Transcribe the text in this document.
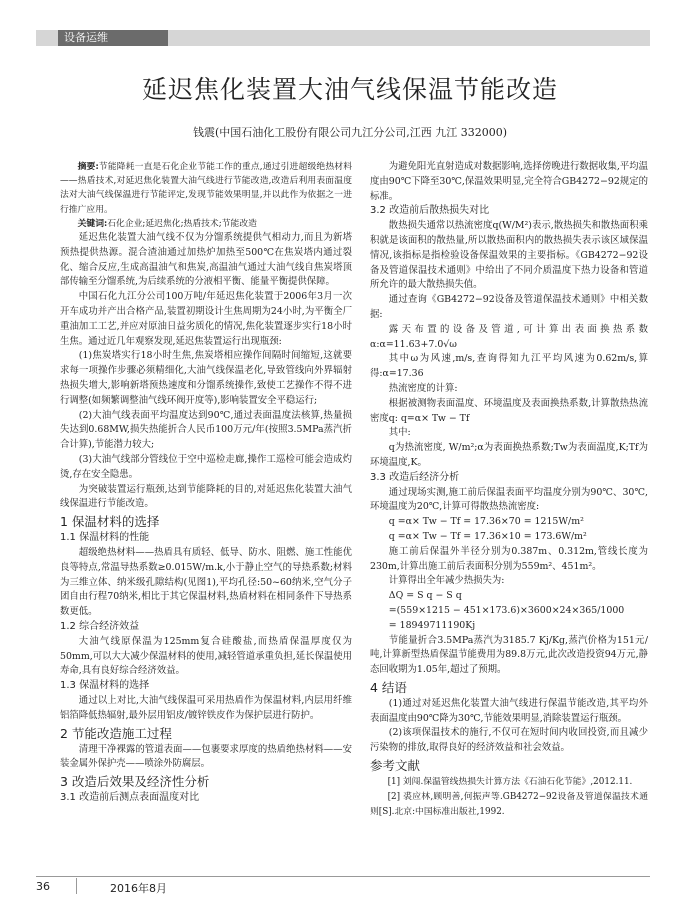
设备运维
延迟焦化装置大油气线保温节能改造
钱震(中国石油化工股份有限公司九江分公司,江西 九江 332000)

摘要:节能降耗一直是石化企业节能工作的重点,通过引进超级绝热材料——热盾技术,对延迟焦化装置大油气线进行节能改造,改造后利用表面温度法对大油气线保温进行节能评定,发现节能效果明显,并以此作为依据之一进行推广应用。

关键词:石化企业;延迟焦化;热盾技术;节能改造

延迟焦化装置大油气线不仅为分馏系统提供气相动力,而且为新塔预热提供热源。混合渣油通过加热炉加热至500℃在焦炭塔内通过裂化、缩合反应,生成高温油气和焦炭,高温油气通过大油气线自焦炭塔顶部传输至分馏系统,为后续系统的分液相平衡、能量平衡提供保障。

中国石化九江分公司100万吨/年延迟焦化装置于2006年3月一次开车成功并产出合格产品,装置初期设计生焦周期为24小时,为平衡全厂重油加工工艺,并应对原油日益劣质化的情况,焦化装置逐步实行18小时生焦。通过近几年观察发现,延迟焦装置运行出现瓶颈:

(1)焦炭塔实行18小时生焦,焦炭塔相应操作间隔时间缩短,这就要求每一项操作步骤必须精细化,大油气线保温老化,导致管线向外界辐射热损失增大,影响新塔预热速度和分馏系统操作,致使工艺操作不得不进行调整(如频繁调整油气线环阀开度等),影响装置安全平稳运行;

(2)大油气线表面平均温度达到90℃,通过表面温度法核算,热量损失达到0.68MW,损失热能折合人民币100万元/年(按照3.5MPa蒸汽折合计算),节能潜力较大;

(3)大油气线部分管线位于空中巡检走廊,操作工巡检可能会造成灼烫,存在安全隐患。

为突破装置运行瓶颈,达到节能降耗的目的,对延迟焦化装置大油气线保温进行节能改造。

1 保温材料的选择
1.1 保温材料的性能

超级绝热材料——热盾具有质轻、低导、防水、阻燃、施工性能优良等特点,常温导热系数≥0.015W/m.k,小于静止空气的导热系数;材料为三维立体、纳米级孔隙结构(见图1),平均孔径:50~60纳米,空气分子团自由行程70纳米,相比于其它保温材料,热盾材料在相同条件下导热系数更低。

1.2 综合经济效益

大油气线原保温为125mm复合硅酸盐,而热盾保温厚度仅为50mm,可以大大减少保温材料的使用,减轻管道承重负担,延长保温使用寿命,具有良好综合经济效益。

1.3 保温材料的选择

通过以上对比,大油气线保温可采用热盾作为保温材料,内层用纤维铝箔降低热辐射,最外层用铝皮/镀锌铁皮作为保护层进行防护。

2 节能改造施工过程

清理干净裸露的管道表面——包裹要求厚度的热盾绝热材料——安装金属外保护壳——喷涂外防腐层。

3 改造后效果及经济性分析
3.1 改造前后测点表面温度对比

为避免阳光直射造成对数据影响,选择傍晚进行数据收集,平均温度由90℃下降至30℃,保温效果明显,完全符合GB4272−92规定的标准。

3.2 改造前后散热损失对比

散热损失通常以热流密度q(W/M²)表示,散热损失和散热面积乘积就是该面积的散热量,所以散热面积内的散热损失表示该区域保温情况,该指标是指检验设备保温效果的主要指标。《GB4272−92设备及管道保温技术通则》中给出了不同介质温度下热力设备和管道所允许的最大散热损失值。

通过查询《GB4272−92设备及管道保温技术通则》中相关数据:

露天布置的设备及管道,可计算出表面换热系数α:α=11.63+7.0√ω

其中ω为风速,m/s,查询得知九江平均风速为0.62m/s,算得:α=17.36

热流密度的计算:

根据被测物表面温度、环境温度及表面换热系数,计算散热热流密度q: q=α× Tw − Tf

其中:

q为热流密度, W/m²;α为表面换热系数;Tw为表面温度,K;Tf为环境温度,K。

3.3 改造后经济分析

通过现场实测,施工前后保温表面平均温度分别为90℃、30℃,环境温度为20℃,计算可得散热热流密度:

q =α× Tw − Tf = 17.36×70 = 1215W/m²

q =α× Tw − Tf = 17.36×10 = 173.6W/m²

施工前后保温外半径分别为0.387m、0.312m,管线长度为230m,计算出施工前后表面积分别为559m²、451m²。

计算得出全年减少热损失为:

ΔQ = S q − S q

=(559×1215 − 451×173.6)×3600×24×365/1000

= 18949711190Kj

节能量折合3.5MPa蒸汽为3185.7 Kj/Kg,蒸汽价格为151元/吨,计算新型热盾保温节能费用为89.8万元,此次改造投资94万元,静态回收期为1.05年,超过了预期。

4 结语

(1)通过对延迟焦化装置大油气线进行保温节能改造,其平均外表面温度由90℃降为30℃,节能效果明显,消除装置运行瓶颈。

(2)该项保温技术的施行,不仅可在短时间内收回投资,而且减少污染物的排放,取得良好的经济效益和社会效益。

参考文献

[1] 刘闯.保温管线热损失计算方法《石油石化节能》,2012.11.

[2] 裘应林,顾明善,何振声等.GB4272−92设备及管道保温技术通则[S].北京:中国标准出版社,1992.

36	2016年8月
